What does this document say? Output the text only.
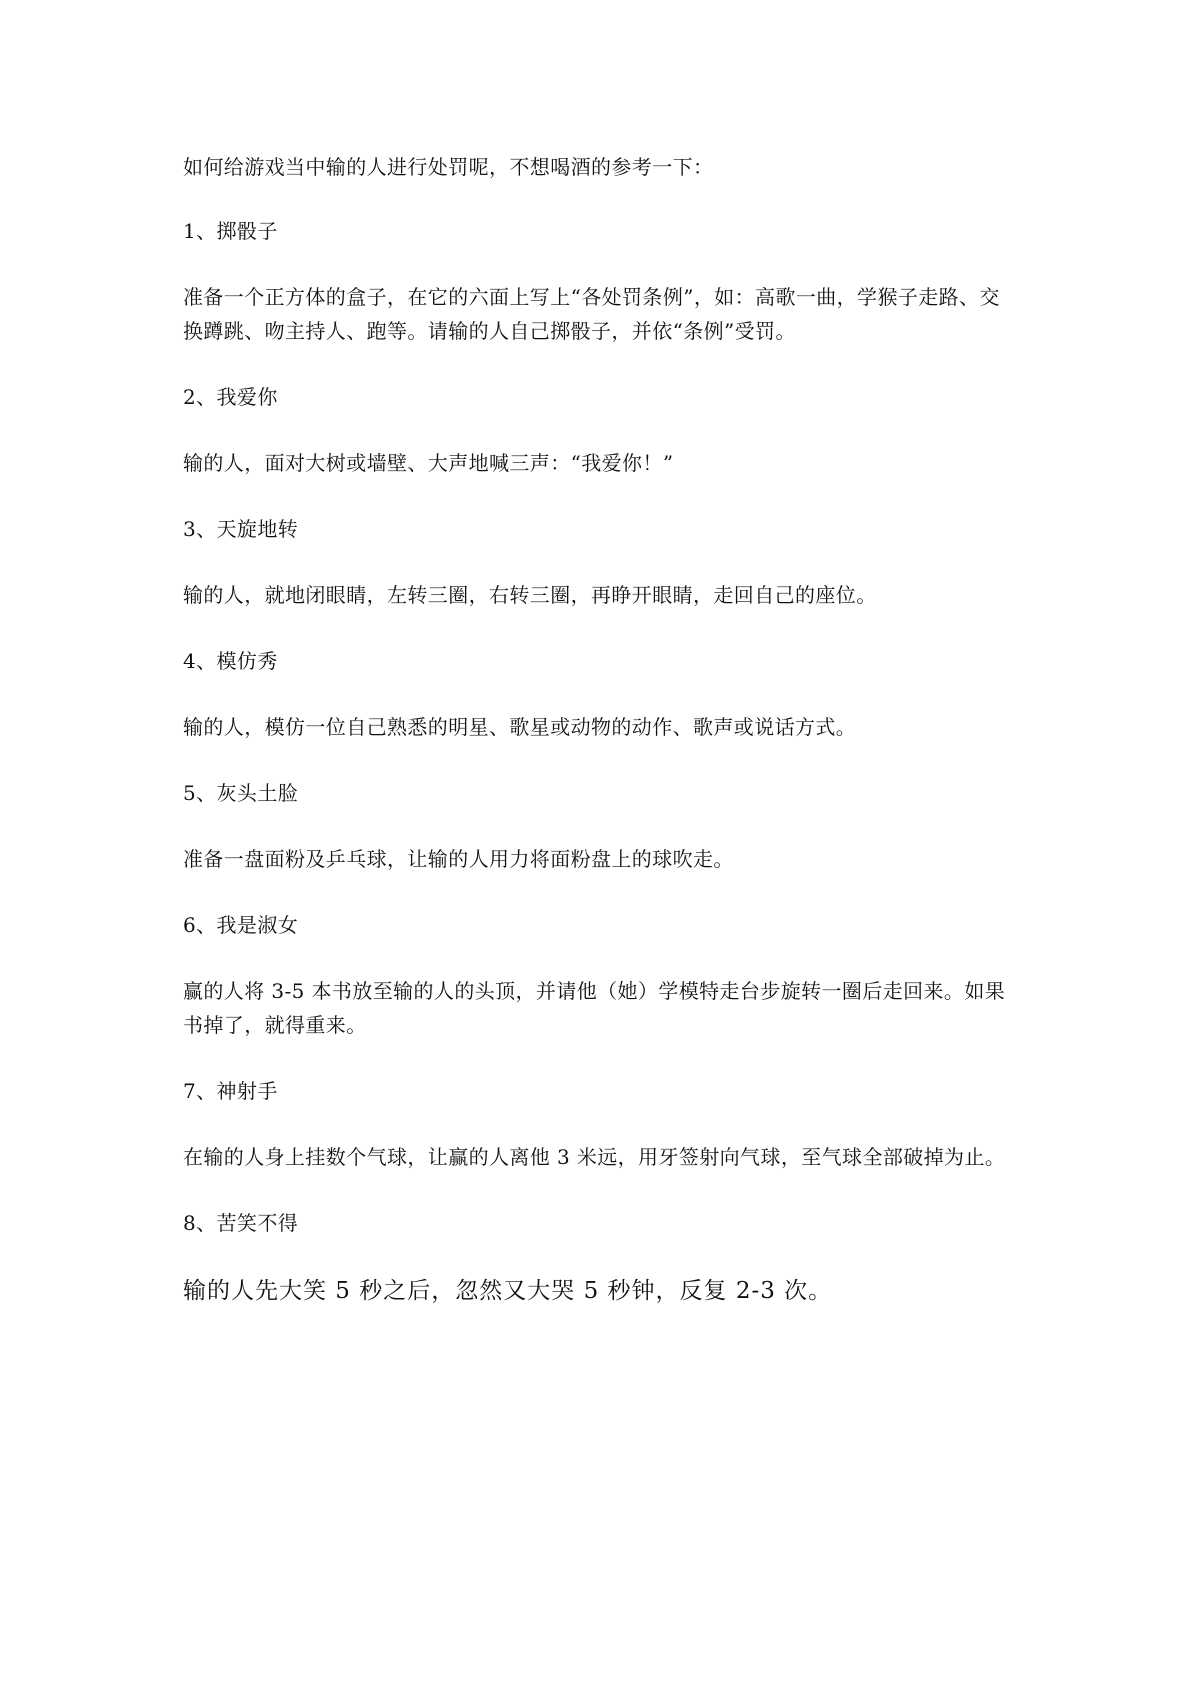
如何给游戏当中输的人进行处罚呢，不想喝酒的参考一下：

1、掷骰子

准备一个正方体的盒子，在它的六面上写上“各处罚条例”，如：高歌一曲，学猴子走路、交

换蹲跳、吻主持人、跑等。请输的人自己掷骰子，并依“条例”受罚。

2、我爱你

输的人，面对大树或墙壁、大声地喊三声：“我爱你！”

3、天旋地转

输的人，就地闭眼睛，左转三圈，右转三圈，再睁开眼睛，走回自己的座位。

4、模仿秀

输的人，模仿一位自己熟悉的明星、歌星或动物的动作、歌声或说话方式。

5、灰头土脸

准备一盘面粉及乒乓球，让输的人用力将面粉盘上的球吹走。

6、我是淑女

赢的人将 3-5 本书放至输的人的头顶，并请他（她）学模特走台步旋转一圈后走回来。如果

书掉了，就得重来。

7、神射手

在输的人身上挂数个气球，让赢的人离他 3 米远，用牙签射向气球，至气球全部破掉为止。

8、苦笑不得

输的人先大笑 5 秒之后，忽然又大哭 5 秒钟，反复 2-3 次。
